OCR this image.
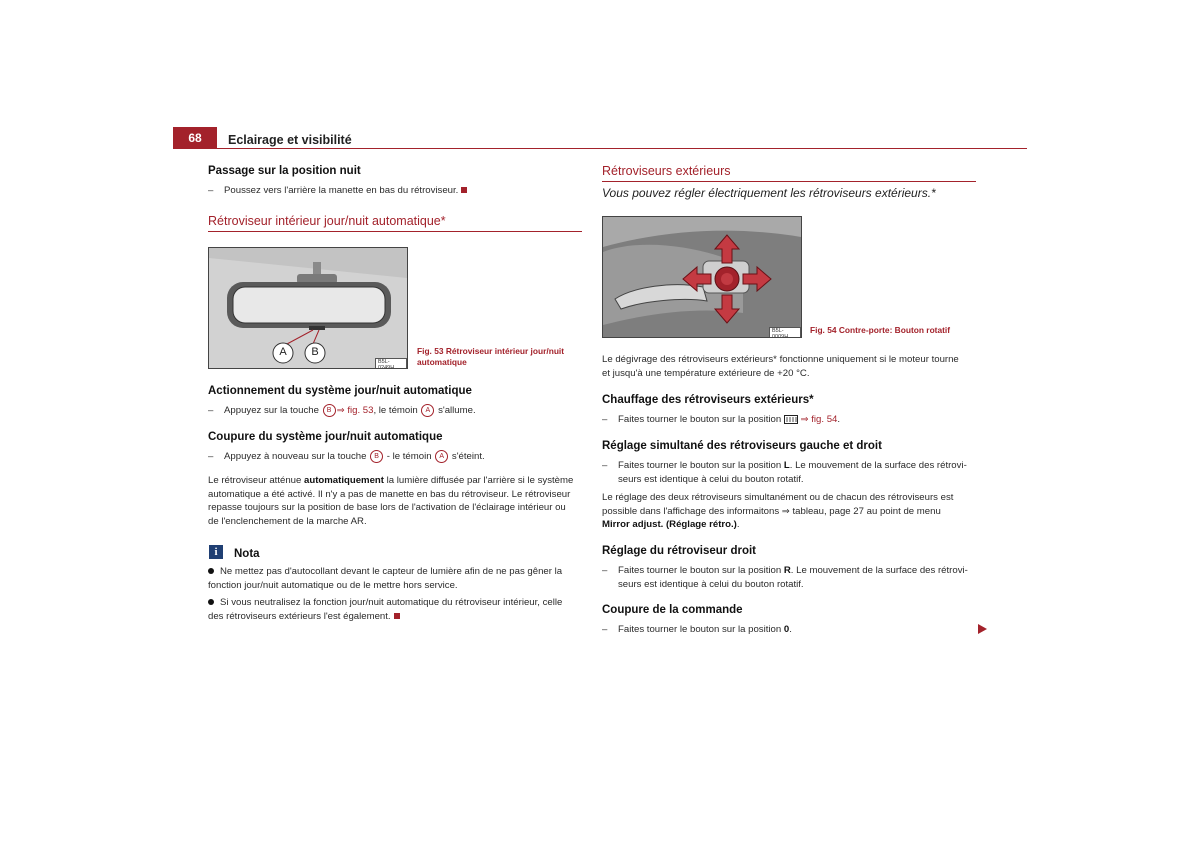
68	Eclairage et visibilité
Passage sur la position nuit
– Poussez vers l'arrière la manette en bas du rétroviseur.
Rétroviseur intérieur jour/nuit automatique*
A	B
B5L-0249H
Fig. 53 Rétroviseur intérieur jour/nuit
automatique
Actionnement du système jour/nuit automatique
– Appuyez sur la touche B ⇒ fig. 53, le témoin A s'allume.
Coupure du système jour/nuit automatique
– Appuyez à nouveau sur la touche B - le témoin A s'éteint.
Le rétroviseur atténue automatiquement la lumière diffusée par l'arrière si le système
automatique a été activé. Il n'y a pas de manette en bas du rétroviseur. Le rétroviseur
repasse toujours sur la position de base lors de l'activation de l'éclairage intérieur ou
de l'enclenchement de la marche AR.
i	Nota
Ne mettez pas d'autocollant devant le capteur de lumière afin de ne pas gêner la
fonction jour/nuit automatique ou de le mettre hors service.
Si vous neutralisez la fonction jour/nuit automatique du rétroviseur intérieur, celle
des rétroviseurs extérieurs l'est également.
Rétroviseurs extérieurs
Vous pouvez régler électriquement les rétroviseurs extérieurs.*
B5L-0009H
Fig. 54 Contre-porte: Bouton rotatif
Le dégivrage des rétroviseurs extérieurs* fonctionne uniquement si le moteur tourne
et jusqu'à une température extérieure de +20 °C.
Chauffage des rétroviseurs extérieurs*
– Faites tourner le bouton sur la position ⇒ fig. 54.
Réglage simultané des rétroviseurs gauche et droit
– Faites tourner le bouton sur la position L. Le mouvement de la surface des rétrovi-
seurs est identique à celui du bouton rotatif.
Le réglage des deux rétroviseurs simultanément ou de chacun des rétroviseurs est
possible dans l'affichage des informaitons ⇒ tableau, page 27 au point de menu
Mirror adjust. (Réglage rétro.).
Réglage du rétroviseur droit
– Faites tourner le bouton sur la position R. Le mouvement de la surface des rétrovi-
seurs est identique à celui du bouton rotatif.
Coupure de la commande
– Faites tourner le bouton sur la position 0.
